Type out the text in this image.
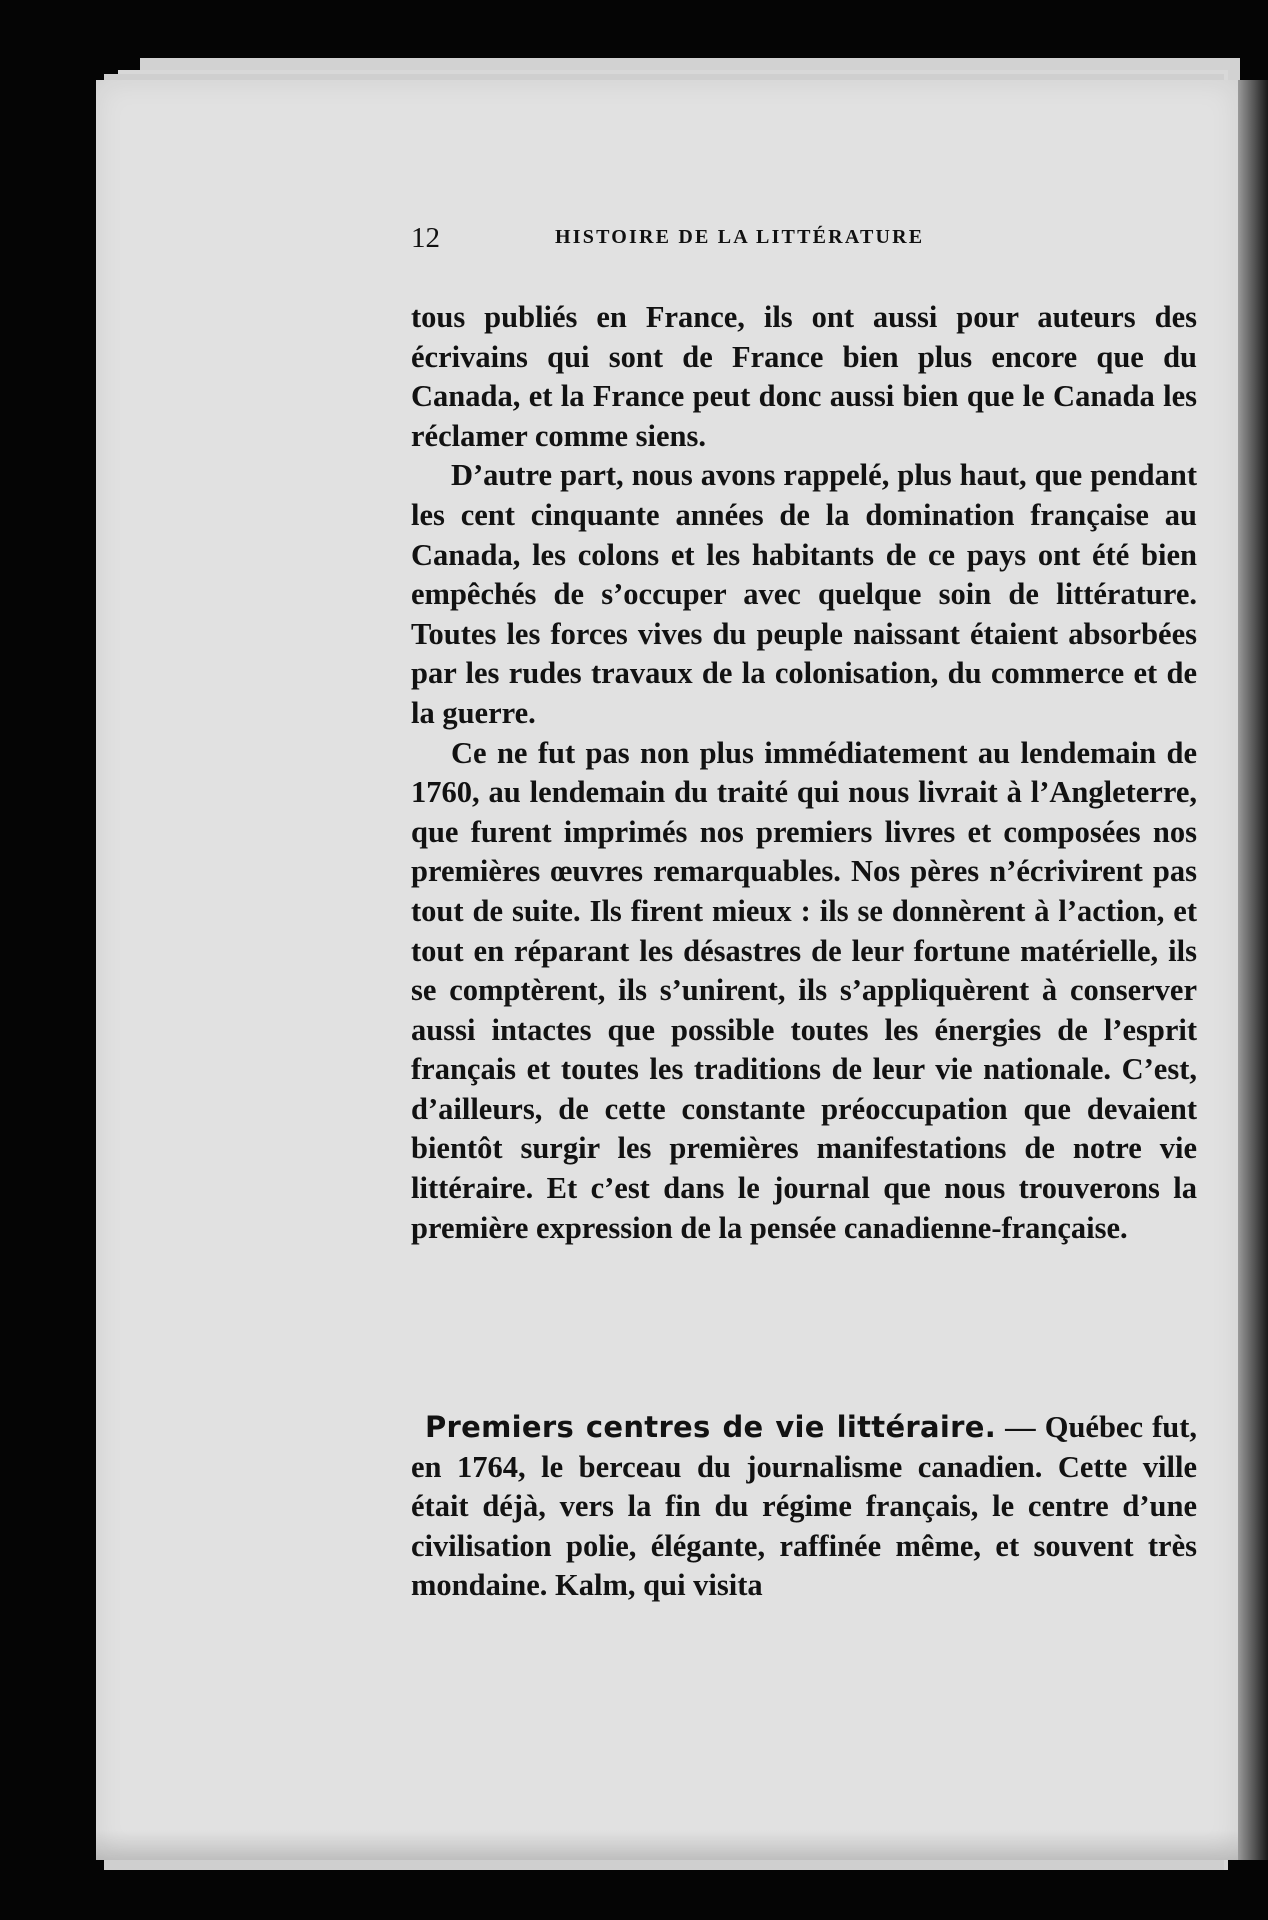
12	HISTOIRE DE LA LITTÉRATURE

tous publiés en France, ils ont aussi pour auteurs des écrivains qui sont de France bien plus encore que du Canada, et la France peut donc aussi bien que le Canada les réclamer comme siens.

D’autre part, nous avons rappelé, plus haut, que pendant les cent cinquante années de la domination française au Canada, les colons et les habitants de ce pays ont été bien empêchés de s’occuper avec quelque soin de littérature. Toutes les forces vives du peuple naissant étaient absorbées par les rudes travaux de la colonisation, du commerce et de la guerre.

Ce ne fut pas non plus immédiatement au lendemain de 1760, au lendemain du traité qui nous livrait à l’Angleterre, que furent imprimés nos premiers livres et composées nos premières œuvres remarquables. Nos pères n’écrivirent pas tout de suite. Ils firent mieux : ils se donnèrent à l’action, et tout en réparant les désastres de leur fortune matérielle, ils se comptèrent, ils s’unirent, ils s’appliquèrent à conserver aussi intactes que possible toutes les énergies de l’esprit français et toutes les traditions de leur vie nationale. C’est, d’ailleurs, de cette constante préoccupation que devaient bientôt surgir les premières manifestations de notre vie littéraire. Et c’est dans le journal que nous trouverons la première expression de la pensée canadienne-française.

Premiers centres de vie littéraire. — Québec fut, en 1764, le berceau du journalisme canadien. Cette ville était déjà, vers la fin du régime français, le centre d’une civilisation polie, élégante, raffinée même, et souvent très mondaine. Kalm, qui visita
